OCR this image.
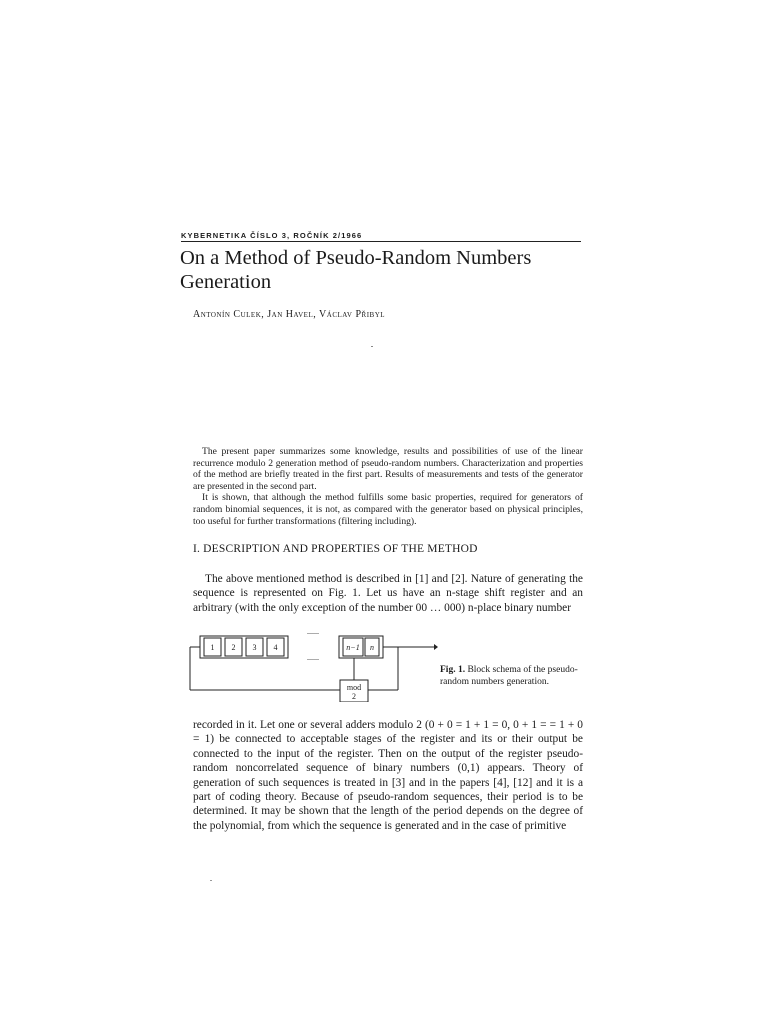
KYBERNETIKA ČÍSLO 3, ROČNÍK 2/1966
On a Method of Pseudo-Random Numbers Generation
Antonín Culek, Jan Havel, Václav Přibyl

The present paper summarizes some knowledge, results and possibilities of use of the linear recurrence modulo 2 generation method of pseudo-random numbers. Characterization and properties of the method are briefly treated in the first part. Results of measurements and tests of the generator are presented in the second part.

It is shown, that although the method fulfills some basic properties, required for generators of random binomial sequences, it is not, as compared with the generator based on physical principles, too useful for further transformations (filtering including).

I. DESCRIPTION AND PROPERTIES OF THE METHOD

The above mentioned method is described in [1] and [2]. Nature of generating the sequence is represented on Fig. 1. Let us have an n-stage shift register and an arbitrary (with the only exception of the number 00 … 000) n-place binary number

1 2 3 4	n−1 n
......
......
mod
2
Fig. 1. Block schema of the pseudo-random numbers generation.

recorded in it. Let one or several adders modulo 2 (0 + 0 = 1 + 1 = 0, 0 + 1 = = 1 + 0 = 1) be connected to acceptable stages of the register and its or their output be connected to the input of the register. Then on the output of the register pseudo-random noncorrelated sequence of binary numbers (0,1) appears. Theory of generation of such sequences is treated in [3] and in the papers [4], [12] and it is a part of coding theory. Because of pseudo-random sequences, their period is to be determined. It may be shown that the length of the period depends on the degree of the polynomial, from which the sequence is generated and in the case of primitive
